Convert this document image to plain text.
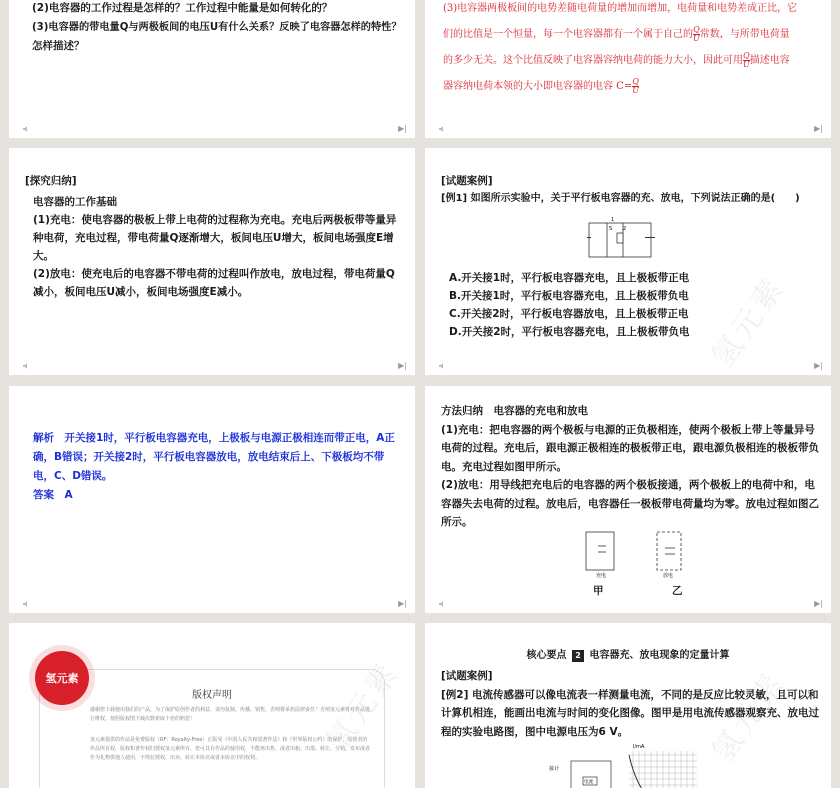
(2)电容器的工作过程是怎样的？工作过程中能量是如何转化的？
(3)电容器的带电量Q与两极板间的电压U有什么关系？反映了电容器怎样的特性？
怎样描述？
▶|
(3)电容器两极板间的电势差随电荷量的增加而增加，电荷量和电势差成正比，它
们的比值是一个恒量，每一个电容器都有一个属于自己的 $\frac{Q}{U}$ 常数，与所带电荷量
的多少无关。这个比值反映了电容器容纳电荷的能力大小，因此可用 $\frac{Q}{U}$ 描述电容
器容纳电荷本领的大小即电容器的电容 $C= \frac{Q}{U}$
▶|
[探究归纳]
电容器的工作基础
(1)充电：使电容器的极板上带上电荷的过程称为充电。充电后两极板带等量异种电荷，充电过程，带电荷量Q逐渐增大，板间电压U增大，板间电场强度E增大。
(2)放电：使充电后的电容器不带电荷的过程叫作放电，放电过程，带电荷量Q减小，板间电压U减小，板间电场强度E减小。
▶|	氢元素
[试题案例]
[例1] 如图所示实验中，关于平行板电容器的充、放电，下列说法正确的是(　　)
1
S 2
A.开关接1时，平行板电容器充电，且上极板带正电
B.开关接1时，平行板电容器充电，且上极板带负电
C.开关接2时，平行板电容器放电，且上极板带正电
D.开关接2时，平行板电容器充电，且上极板带负电
▶|
解析　开关接1时，平行板电容器充电，上极板与电源正极相连而带正电，A正确，B错误；开关接2时，平行板电容器放电，放电结束后上、下极板均不带电，C、D错误。
答案　A
▶|
方法归纳　电容器的充电和放电
(1)充电：把电容器的两个极板与电源的正负极相连，使两个极板上带上等量异号电荷的过程。充电后，跟电源正极相连的极板带正电，跟电源负极相连的极板带负电。充电过程如图甲所示。
(2)放电：用导线把充电后的电容器的两个极板接通，两个极板上的电荷中和，电容器失去电荷的过程。放电后，电容器任一极板带电荷量均为零。放电过程如图乙所示。
充电	放电
甲	乙
▶|
版权声明
感谢您下载使用我们的产品，为了保护原创作者的利益，请勿复制、传播、销售，否则将承担法律责任！否则氢元素将对作品进行维权，按照版权图下载次数索取十倍的赔偿！
氢元素提供的作品是免费版权（RF：Royalty-Free）正版受《中国人民共和国著作法》和《世界版权公约》的保护，原创者的作品所有权、版权和著作权归授权氢元素所有，您可具有作品的使用权，不能再出售、或者出租、出借、转让、分销、发布或者作为礼物供他人使用，不得拉授权、出卖、转让本协议或者本协议中的权利。
氢元素	氢元素	氢元素
核心要点 2 电容器充、放电现象的定量计算
[试题案例]
[例2] 电流传感器可以像电流表一样测量电流，不同的是反应比较灵敏，且可以和计算机相连，能画出电流与时间的变化图像。图甲是用电流传感器观察充、放电过程的实验电路图，图中电源电压为6 V。
接计
电流
I/mA
